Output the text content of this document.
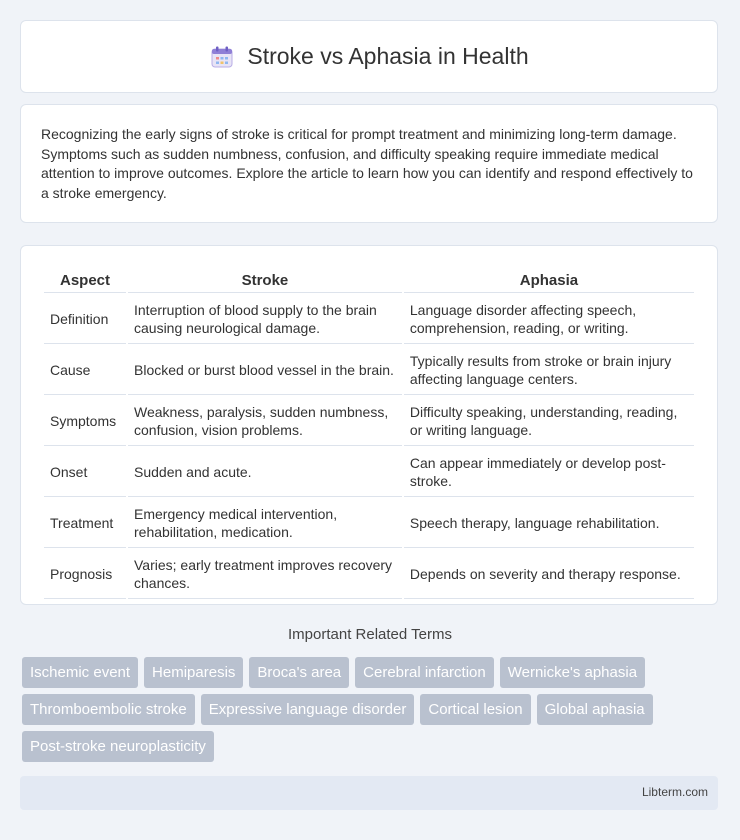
Stroke vs Aphasia in Health

Recognizing the early signs of stroke is critical for prompt treatment and minimizing long-term damage. Symptoms such as sudden numbness, confusion, and difficulty speaking require immediate medical attention to improve outcomes. Explore the article to learn how you can identify and respond effectively to a stroke emergency.

Aspect	Stroke	Aphasia
Definition	Interruption of blood supply to the brain causing neurological damage.	Language disorder affecting speech, comprehension, reading, or writing.
Cause	Blocked or burst blood vessel in the brain.	Typically results from stroke or brain injury affecting language centers.
Symptoms	Weakness, paralysis, sudden numbness, confusion, vision problems.	Difficulty speaking, understanding, reading, or writing language.
Onset	Sudden and acute.	Can appear immediately or develop post-stroke.
Treatment	Emergency medical intervention, rehabilitation, medication.	Speech therapy, language rehabilitation.
Prognosis	Varies; early treatment improves recovery chances.	Depends on severity and therapy response.
Important Related Terms
Ischemic event	Hemiparesis	Broca's area	Cerebral infarction	Wernicke's aphasia
Thromboembolic stroke	Expressive language disorder	Cortical lesion	Global aphasia
Post-stroke neuroplasticity
Libterm.com
